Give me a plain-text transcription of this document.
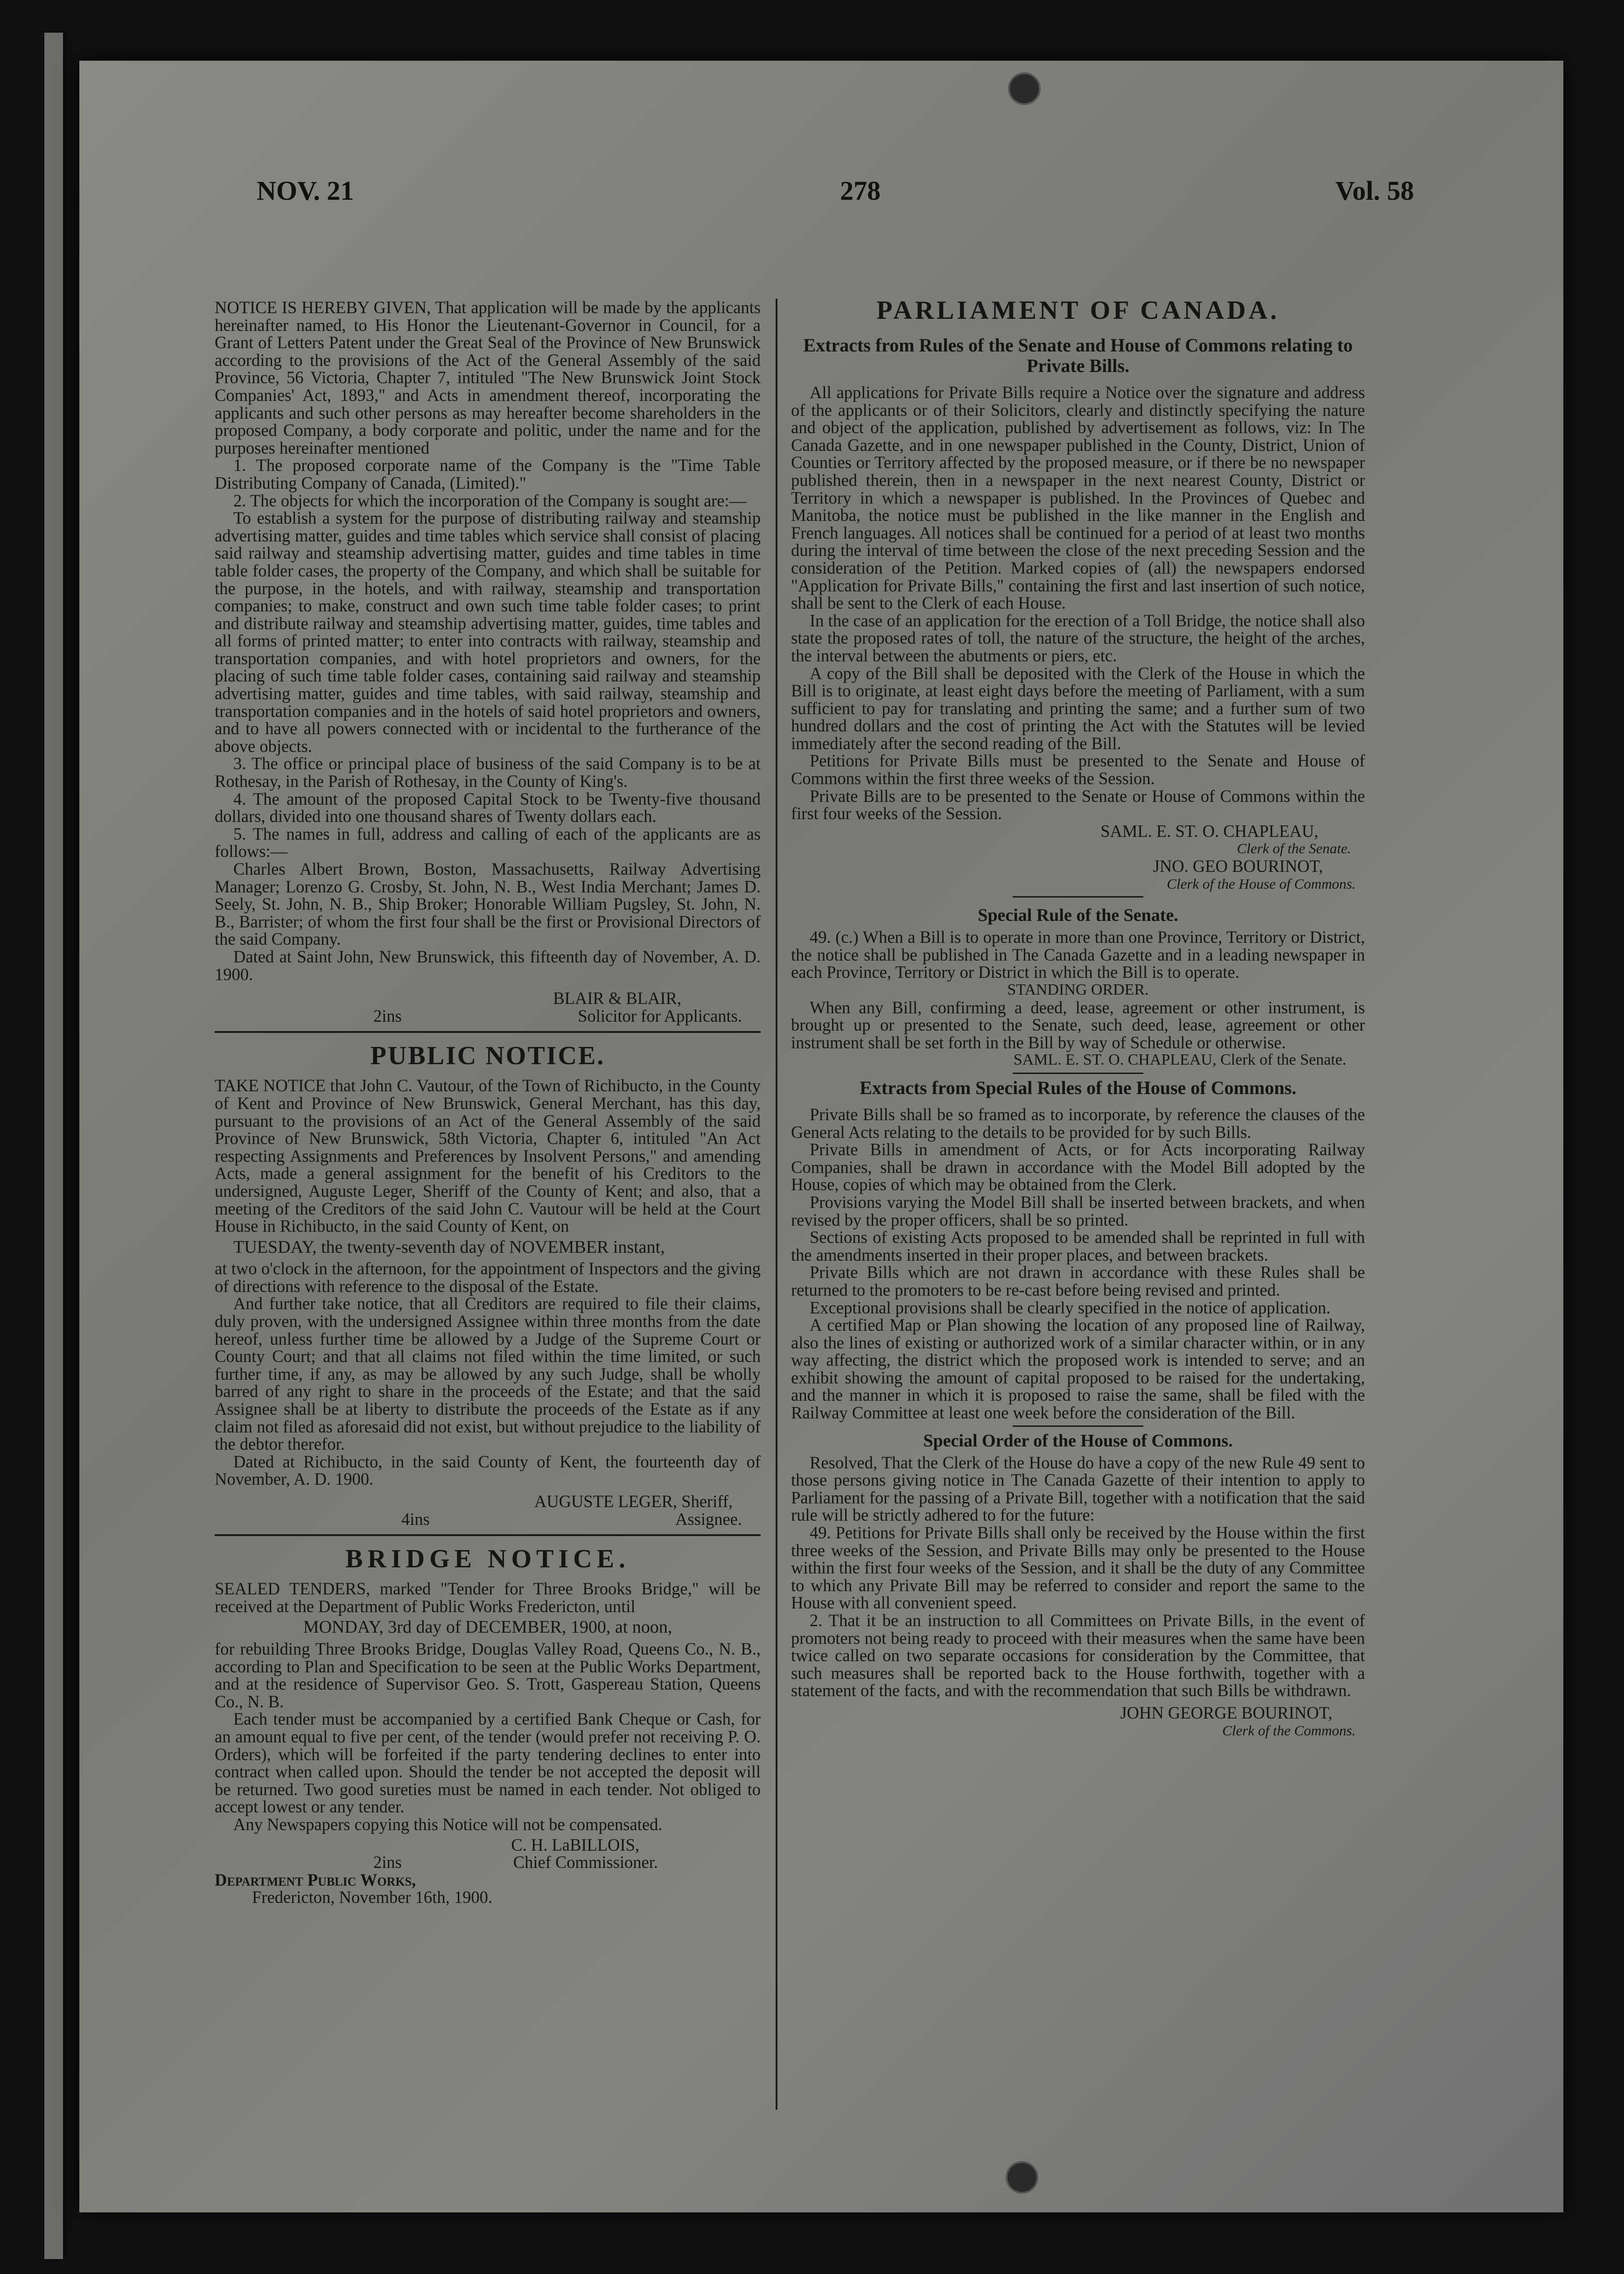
NOV. 21	278	Vol. 58

NOTICE IS HEREBY GIVEN, That application will be made by the applicants hereinafter named, to His Honor the Lieutenant-Governor in Council, for a Grant of Letters Patent under the Great Seal of the Province of New Brunswick according to the provisions of the Act of the General Assembly of the said Province, 56 Victoria, Chapter 7, intituled "The New Brunswick Joint Stock Companies' Act, 1893," and Acts in amendment thereof, incorporating the applicants and such other persons as may hereafter become shareholders in the proposed Company, a body corporate and politic, under the name and for the purposes hereinafter mentioned

1. The proposed corporate name of the Company is the "Time Table Distributing Company of Canada, (Limited)."

2. The objects for which the incorporation of the Company is sought are:—

To establish a system for the purpose of distributing railway and steamship advertising matter, guides and time tables which service shall consist of placing said railway and steamship advertising matter, guides and time tables in time table folder cases, the property of the Company, and which shall be suitable for the purpose, in the hotels, and with railway, steamship and transportation companies; to make, construct and own such time table folder cases; to print and distribute railway and steamship advertising matter, guides, time tables and all forms of printed matter; to enter into contracts with railway, steamship and transportation companies, and with hotel proprietors and owners, for the placing of such time table folder cases, containing said railway and steamship advertising matter, guides and time tables, with said railway, steamship and transportation companies and in the hotels of said hotel proprietors and owners, and to have all powers connected with or incidental to the furtherance of the above objects.

3. The office or principal place of business of the said Company is to be at Rothesay, in the Parish of Rothesay, in the County of King's.

4. The amount of the proposed Capital Stock to be Twenty-five thousand dollars, divided into one thousand shares of Twenty dollars each.

5. The names in full, address and calling of each of the applicants are as follows:—

Charles Albert Brown, Boston, Massachusetts, Railway Advertising Manager; Lorenzo G. Crosby, St. John, N. B., West India Merchant; James D. Seely, St. John, N. B., Ship Broker; Honorable William Pugsley, St. John, N. B., Barrister; of whom the first four shall be the first or Provisional Directors of the said Company.

Dated at Saint John, New Brunswick, this fifteenth day of November, A. D. 1900.

BLAIR & BLAIR,

2ins	Solicitor for Applicants.
PUBLIC NOTICE.

TAKE NOTICE that John C. Vautour, of the Town of Richibucto, in the County of Kent and Province of New Brunswick, General Merchant, has this day, pursuant to the provisions of an Act of the General Assembly of the said Province of New Brunswick, 58th Victoria, Chapter 6, intituled "An Act respecting Assignments and Preferences by Insolvent Persons," and amending Acts, made a general assignment for the benefit of his Creditors to the undersigned, Auguste Leger, Sheriff of the County of Kent; and also, that a meeting of the Creditors of the said John C. Vautour will be held at the Court House in Richibucto, in the said County of Kent, on

TUESDAY, the twenty-seventh day of NOVEMBER instant,

at two o'clock in the afternoon, for the appointment of Inspectors and the giving of directions with reference to the disposal of the Estate.

And further take notice, that all Creditors are required to file their claims, duly proven, with the undersigned Assignee within three months from the date hereof, unless further time be allowed by a Judge of the Supreme Court or County Court; and that all claims not filed within the time limited, or such further time, if any, as may be allowed by any such Judge, shall be wholly barred of any right to share in the proceeds of the Estate; and that the said Assignee shall be at liberty to distribute the proceeds of the Estate as if any claim not filed as aforesaid did not exist, but without prejudice to the liability of the debtor therefor.

Dated at Richibucto, in the said County of Kent, the fourteenth day of November, A. D. 1900.

AUGUSTE LEGER, Sheriff,

4ins	Assignee.
BRIDGE NOTICE.

SEALED TENDERS, marked "Tender for Three Brooks Bridge," will be received at the Department of Public Works Fredericton, until

MONDAY, 3rd day of DECEMBER, 1900, at noon,

for rebuilding Three Brooks Bridge, Douglas Valley Road, Queens Co., N. B., according to Plan and Specification to be seen at the Public Works Department, and at the residence of Supervisor Geo. S. Trott, Gaspereau Station, Queens Co., N. B.

Each tender must be accompanied by a certified Bank Cheque or Cash, for an amount equal to five per cent, of the tender (would prefer not receiving P. O. Orders), which will be forfeited if the party tendering declines to enter into contract when called upon. Should the tender be not accepted the deposit will be returned. Two good sureties must be named in each tender. Not obliged to accept lowest or any tender.

Any Newspapers copying this Notice will not be compensated.

C. H. LaBILLOIS,

2ins	Chief Commissioner.

Department Public Works,

Fredericton, November 16th, 1900.

PARLIAMENT OF CANADA.
Extracts from Rules of the Senate and House of Commons relating to Private Bills.

All applications for Private Bills require a Notice over the signature and address of the applicants or of their Solicitors, clearly and distinctly specifying the nature and object of the application, published by advertisement as follows, viz: In The Canada Gazette, and in one newspaper published in the County, District, Union of Counties or Territory affected by the proposed measure, or if there be no newspaper published therein, then in a newspaper in the next nearest County, District or Territory in which a newspaper is published. In the Provinces of Quebec and Manitoba, the notice must be published in the like manner in the English and French languages. All notices shall be continued for a period of at least two months during the interval of time between the close of the next preceding Session and the consideration of the Petition. Marked copies of (all) the newspapers endorsed "Application for Private Bills," containing the first and last insertion of such notice, shall be sent to the Clerk of each House.

In the case of an application for the erection of a Toll Bridge, the notice shall also state the proposed rates of toll, the nature of the structure, the height of the arches, the interval between the abutments or piers, etc.

A copy of the Bill shall be deposited with the Clerk of the House in which the Bill is to originate, at least eight days before the meeting of Parliament, with a sum sufficient to pay for translating and printing the same; and a further sum of two hundred dollars and the cost of printing the Act with the Statutes will be levied immediately after the second reading of the Bill.

Petitions for Private Bills must be presented to the Senate and House of Commons within the first three weeks of the Session.

Private Bills are to be presented to the Senate or House of Commons within the first four weeks of the Session.

SAML. E. ST. O. CHAPLEAU,

Clerk of the Senate.

JNO. GEO BOURINOT,

Clerk of the House of Commons.

Special Rule of the Senate.

49. (c.) When a Bill is to operate in more than one Province, Territory or District, the notice shall be published in The Canada Gazette and in a leading newspaper in each Province, Territory or District in which the Bill is to operate.

STANDING ORDER.

When any Bill, confirming a deed, lease, agreement or other instrument, is brought up or presented to the Senate, such deed, lease, agreement or other instrument shall be set forth in the Bill by way of Schedule or otherwise.

SAML. E. ST. O. CHAPLEAU, Clerk of the Senate.

Extracts from Special Rules of the House of Commons.

Private Bills shall be so framed as to incorporate, by reference the clauses of the General Acts relating to the details to be provided for by such Bills.

Private Bills in amendment of Acts, or for Acts incorporating Railway Companies, shall be drawn in accordance with the Model Bill adopted by the House, copies of which may be obtained from the Clerk.

Provisions varying the Model Bill shall be inserted between brackets, and when revised by the proper officers, shall be so printed.

Sections of existing Acts proposed to be amended shall be reprinted in full with the amendments inserted in their proper places, and between brackets.

Private Bills which are not drawn in accordance with these Rules shall be returned to the promoters to be re-cast before being revised and printed.

Exceptional provisions shall be clearly specified in the notice of application.

A certified Map or Plan showing the location of any proposed line of Railway, also the lines of existing or authorized work of a similar character within, or in any way affecting, the district which the proposed work is intended to serve; and an exhibit showing the amount of capital proposed to be raised for the undertaking, and the manner in which it is proposed to raise the same, shall be filed with the Railway Committee at least one week before the consideration of the Bill.

Special Order of the House of Commons.

Resolved, That the Clerk of the House do have a copy of the new Rule 49 sent to those persons giving notice in The Canada Gazette of their intention to apply to Parliament for the passing of a Private Bill, together with a notification that the said rule will be strictly adhered to for the future:

49. Petitions for Private Bills shall only be received by the House within the first three weeks of the Session, and Private Bills may only be presented to the House within the first four weeks of the Session, and it shall be the duty of any Committee to which any Private Bill may be referred to consider and report the same to the House with all convenient speed.

2. That it be an instruction to all Committees on Private Bills, in the event of promoters not being ready to proceed with their measures when the same have been twice called on two separate occasions for consideration by the Committee, that such measures shall be reported back to the House forthwith, together with a statement of the facts, and with the recommendation that such Bills be withdrawn.

JOHN GEORGE BOURINOT,

Clerk of the Commons.
